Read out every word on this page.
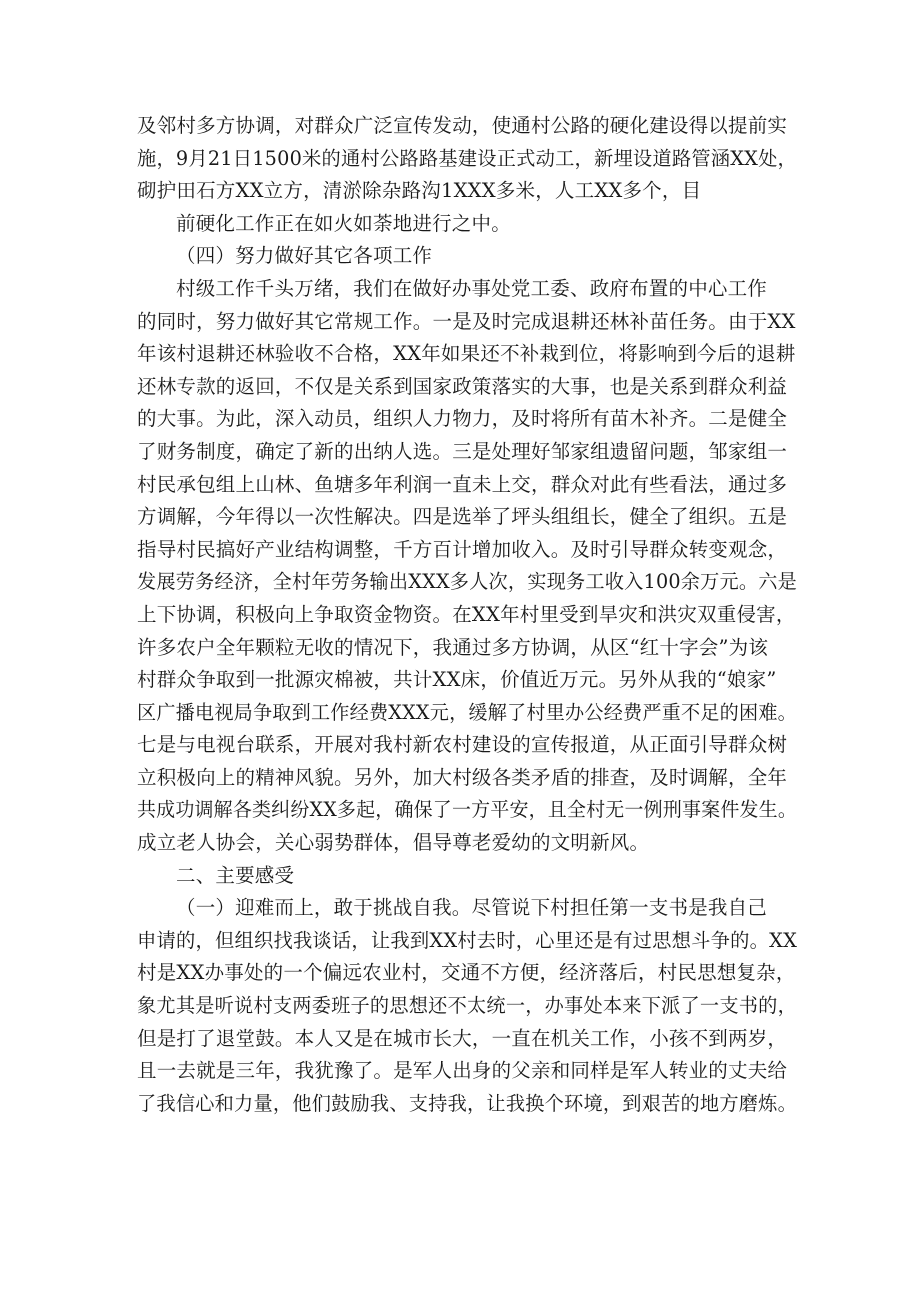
及邻村多方协调，对群众广泛宣传发动，使通村公路的硬化建设得以提前实
施，9月21日1500米的通村公路路基建设正式动工，新埋设道路管涵XX处，
砌护田石方XX立方，清淤除杂路沟1XXX多米，人工XX多个，目
前硬化工作正在如火如荼地进行之中。
（四）努力做好其它各项工作
村级工作千头万绪，我们在做好办事处党工委、政府布置的中心工作
的同时，努力做好其它常规工作。一是及时完成退耕还林补苗任务。由于XX
年该村退耕还林验收不合格，XX年如果还不补栽到位，将影响到今后的退耕
还林专款的返回，不仅是关系到国家政策落实的大事，也是关系到群众利益
的大事。为此，深入动员，组织人力物力，及时将所有苗木补齐。二是健全
了财务制度，确定了新的出纳人选。三是处理好邹家组遗留问题，邹家组一
村民承包组上山林、鱼塘多年利润一直未上交，群众对此有些看法，通过多
方调解，今年得以一次性解决。四是选举了坪头组组长，健全了组织。五是
指导村民搞好产业结构调整，千方百计增加收入。及时引导群众转变观念，
发展劳务经济，全村年劳务输出XXX多人次，实现务工收入100余万元。六是
上下协调，积极向上争取资金物资。在XX年村里受到旱灾和洪灾双重侵害，
许多农户全年颗粒无收的情况下，我通过多方协调，从区“红十字会”为该
村群众争取到一批源灾棉被，共计XX床，价值近万元。另外从我的“娘家”
区广播电视局争取到工作经费XXX元，缓解了村里办公经费严重不足的困难。
七是与电视台联系，开展对我村新农村建设的宣传报道，从正面引导群众树
立积极向上的精神风貌。另外，加大村级各类矛盾的排查，及时调解，全年
共成功调解各类纠纷XX多起，确保了一方平安，且全村无一例刑事案件发生。
成立老人协会，关心弱势群体，倡导尊老爱幼的文明新风。
二、主要感受
（一）迎难而上，敢于挑战自我。尽管说下村担任第一支书是我自己
申请的，但组织找我谈话，让我到XX村去时，心里还是有过思想斗争的。XX
村是XX办事处的一个偏远农业村，交通不方便，经济落后，村民思想复杂，
象尤其是听说村支两委班子的思想还不太统一，办事处本来下派了一支书的，
但是打了退堂鼓。本人又是在城市长大，一直在机关工作，小孩不到两岁，
且一去就是三年，我犹豫了。是军人出身的父亲和同样是军人转业的丈夫给
了我信心和力量，他们鼓励我、支持我，让我换个环境，到艰苦的地方磨炼。
